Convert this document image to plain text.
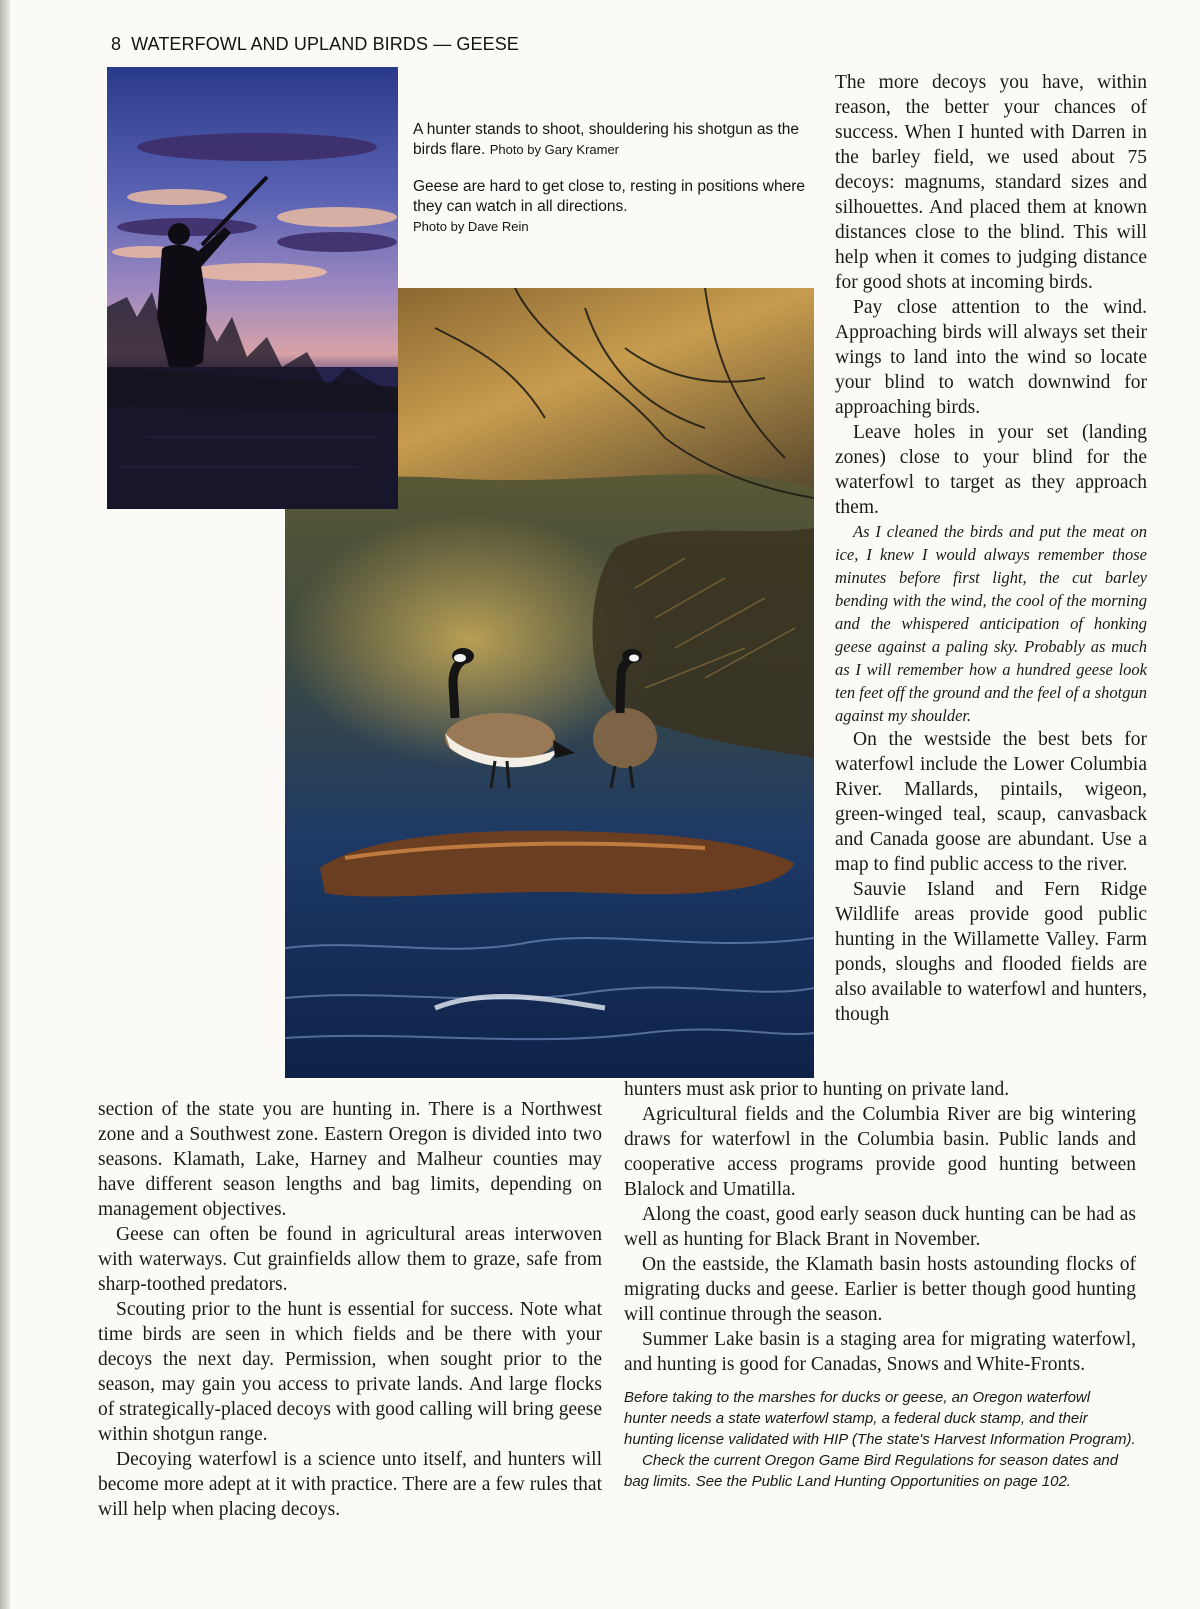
8 WATERFOWL AND UPLAND BIRDS — GEESE
A hunter stands to shoot, shouldering his shotgun as the birds flare. Photo by Gary Kramer
Geese are hard to get close to, resting in positions where they can watch in all directions.
Photo by Dave Rein

The more decoys you have, within reason, the better your chances of success. When I hunted with Darren in the barley field, we used about 75 decoys: magnums, standard sizes and silhouettes. And placed them at known distances close to the blind. This will help when it comes to judging distance for good shots at incoming birds.

Pay close attention to the wind. Approaching birds will always set their wings to land into the wind so locate your blind to watch downwind for approaching birds.

Leave holes in your set (landing zones) close to your blind for the waterfowl to target as they approach them.

As I cleaned the birds and put the meat on ice, I knew I would always remember those minutes before first light, the cut barley bending with the wind, the cool of the morning and the whispered anticipation of honking geese against a paling sky. Probably as much as I will remember how a hundred geese look ten feet off the ground and the feel of a shotgun against my shoulder.

On the westside the best bets for waterfowl include the Lower Columbia River. Mallards, pintails, wigeon, green-winged teal, scaup, canvasback and Canada goose are abundant. Use a map to find public access to the river.

Sauvie Island and Fern Ridge Wildlife areas provide good public hunting in the Willamette Valley. Farm ponds, sloughs and flooded fields are also available to waterfowl and hunters, though

section of the state you are hunting in. There is a Northwest zone and a Southwest zone. Eastern Oregon is divided into two seasons. Klamath, Lake, Harney and Malheur counties may have different season lengths and bag limits, depending on management objectives.

Geese can often be found in agricultural areas interwoven with waterways. Cut grainfields allow them to graze, safe from sharp-toothed predators.

Scouting prior to the hunt is essential for success. Note what time birds are seen in which fields and be there with your decoys the next day. Permission, when sought prior to the season, may gain you access to private lands. And large flocks of strategically-placed decoys with good calling will bring geese within shotgun range.

Decoying waterfowl is a science unto itself, and hunters will become more adept at it with practice. There are a few rules that will help when placing decoys.

hunters must ask prior to hunting on private land.

Agricultural fields and the Columbia River are big wintering draws for waterfowl in the Columbia basin. Public lands and cooperative access programs provide good hunting between Blalock and Umatilla.

Along the coast, good early season duck hunting can be had as well as hunting for Black Brant in November.

On the eastside, the Klamath basin hosts astounding flocks of migrating ducks and geese. Earlier is better though good hunting will continue through the season.

Summer Lake basin is a staging area for migrating waterfowl, and hunting is good for Canadas, Snows and White-Fronts.

Before taking to the marshes for ducks or geese, an Oregon waterfowl hunter needs a state waterfowl stamp, a federal duck stamp, and their hunting license validated with HIP (The state's Harvest Information Program).

Check the current Oregon Game Bird Regulations for season dates and bag limits. See the Public Land Hunting Opportunities on page 102.
